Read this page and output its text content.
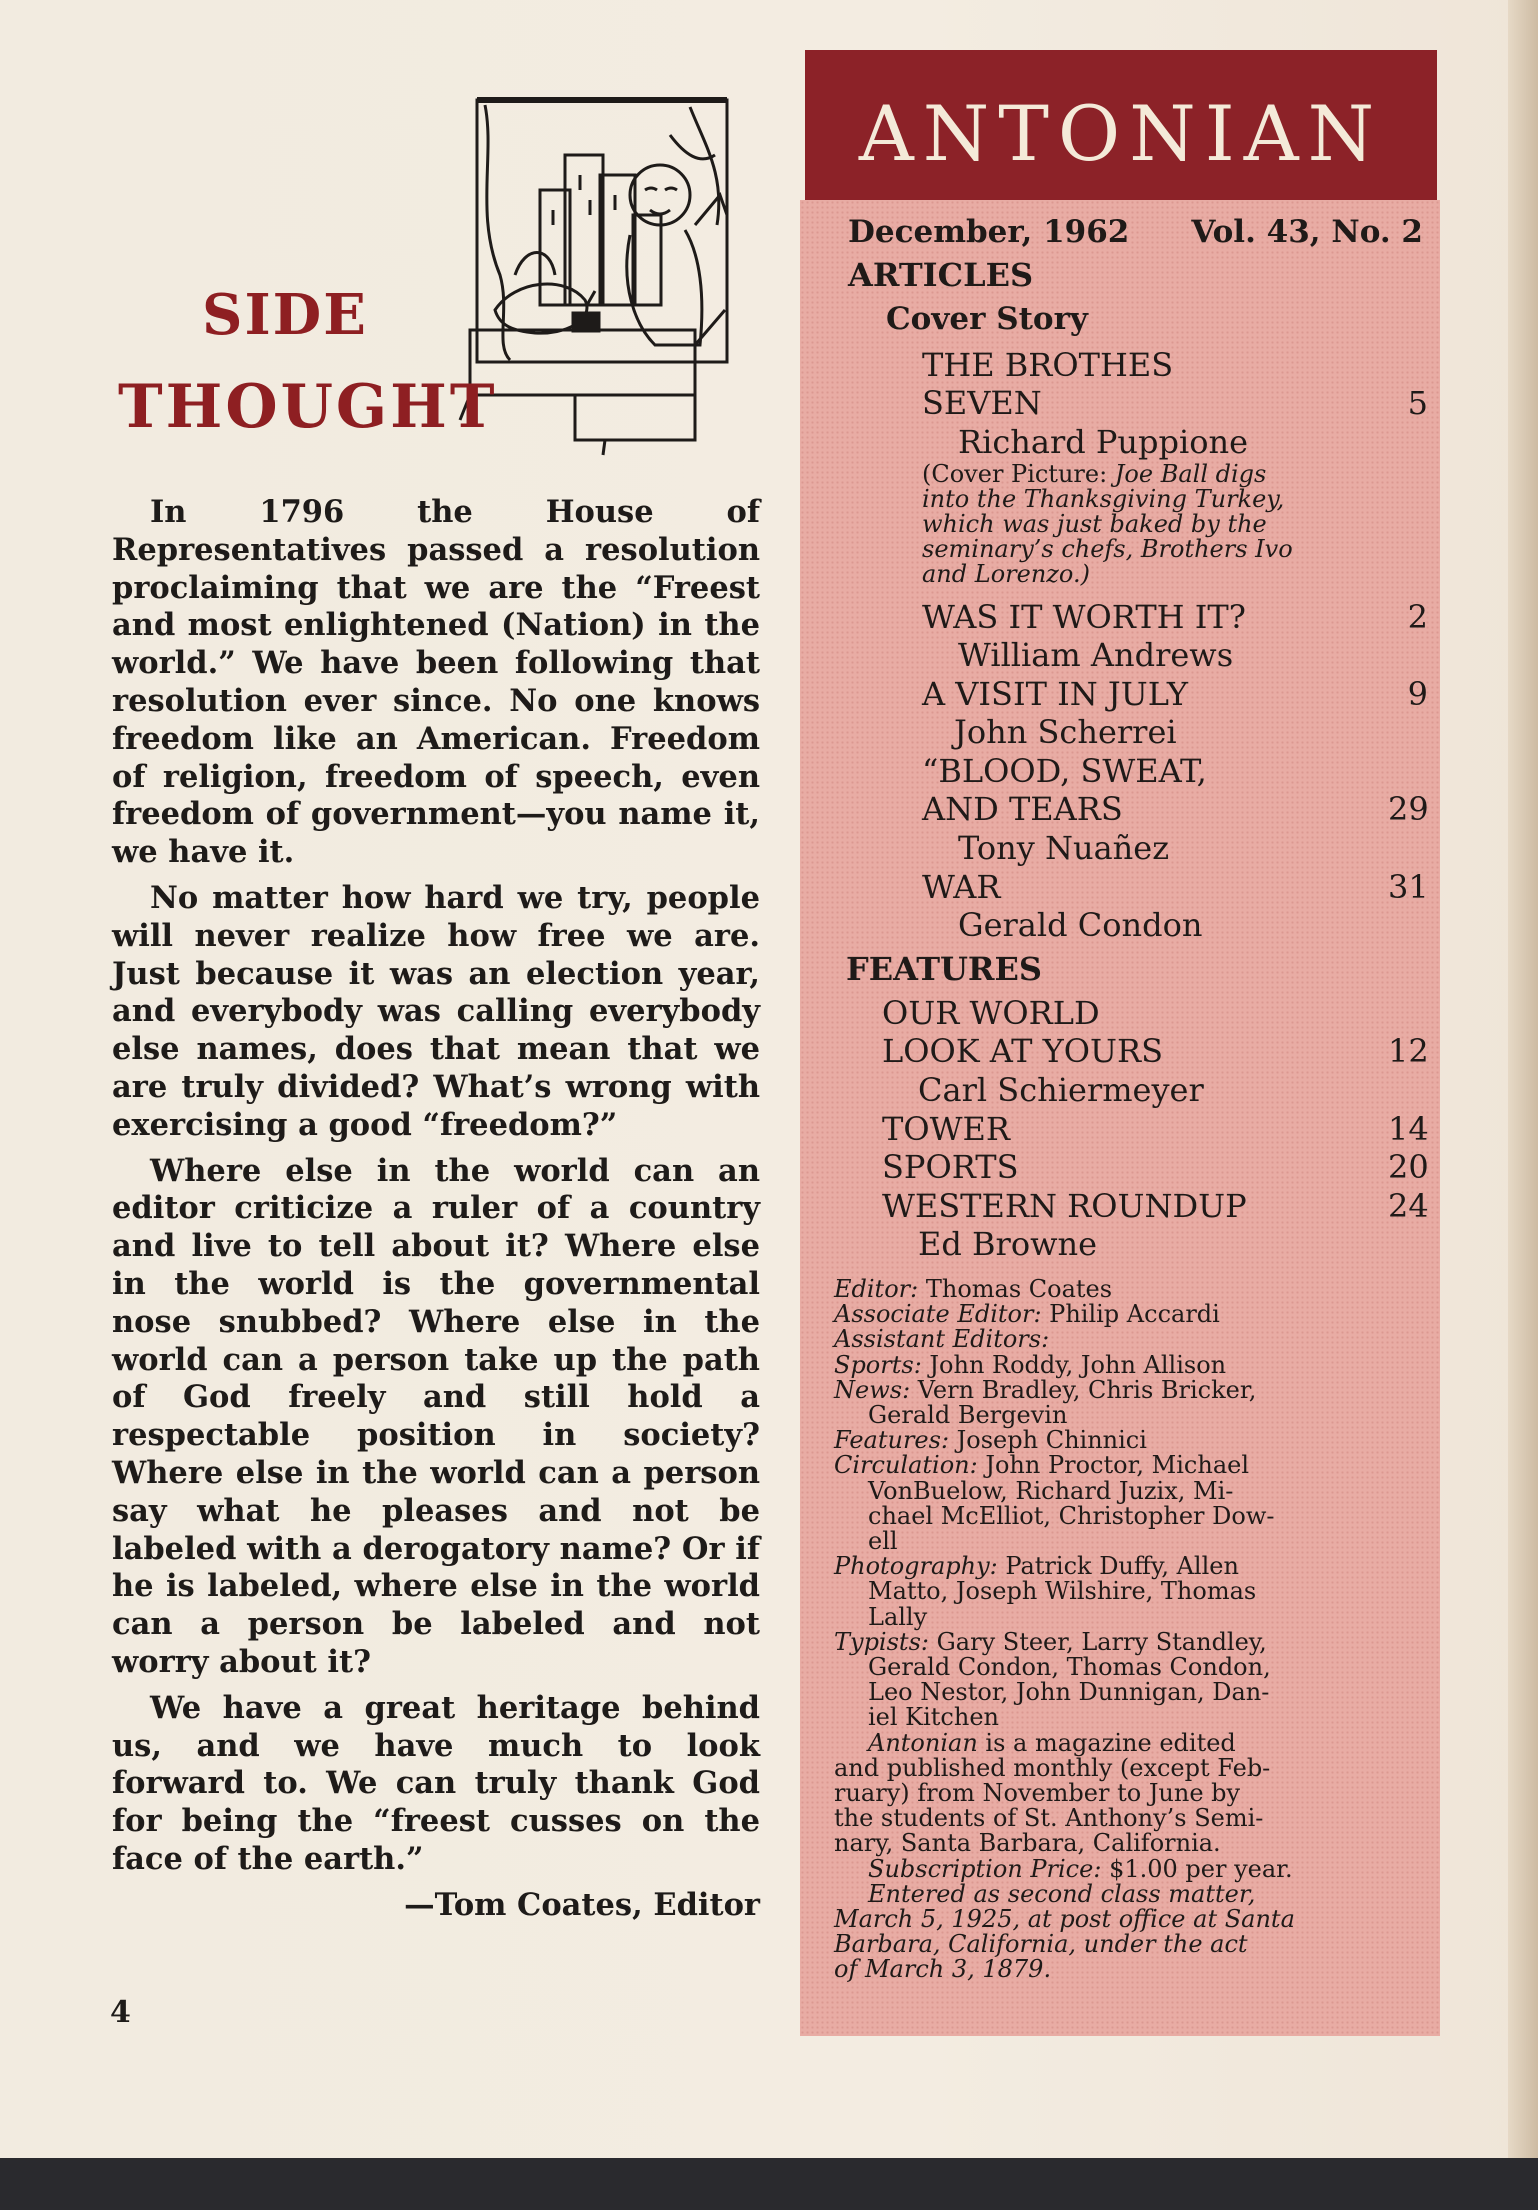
SIDE
THOUGHT

In 1796 the House of Representatives passed a resolution proclaiming that we are the “Freest and most enlightened (Nation) in the world.” We have been following that resolution ever since. No one knows freedom like an American. Freedom of religion, freedom of speech, even freedom of government—you name it, we have it.

No matter how hard we try, people will never realize how free we are. Just because it was an election year, and everybody was calling everybody else names, does that mean that we are truly divided? What’s wrong with exercising a good “freedom?”

Where else in the world can an editor criticize a ruler of a country and live to tell about it? Where else in the world is the governmental nose snubbed? Where else in the world can a person take up the path of God freely and still hold a respectable position in society? Where else in the world can a person say what he pleases and not be labeled with a derogatory name? Or if he is labeled, where else in the world can a person be labeled and not worry about it?

We have a great heritage behind us, and we have much to look forward to. We can truly thank God for being the “freest cusses on the face of the earth.”

—Tom Coates, Editor

4
ANTONIAN
December, 1962 Vol. 43, No. 2
ARTICLES
Cover Story
THE BROTHES
SEVEN	5
Richard Puppione
(Cover Picture: Joe Ball digs
into the Thanksgiving Turkey,
which was just baked by the
seminary’s chefs, Brothers Ivo
and Lorenzo.)
WAS IT WORTH IT?	2
William Andrews
A VISIT IN JULY	9
John Scherrei
“BLOOD, SWEAT,
AND TEARS	29
Tony Nuañez
WAR	31
Gerald Condon
FEATURES
OUR WORLD
LOOK AT YOURS	12
Carl Schiermeyer
TOWER	14
SPORTS	20
WESTERN ROUNDUP	24
Ed Browne
Editor: Thomas Coates
Associate Editor: Philip Accardi
Assistant Editors:
Sports: John Roddy, John Allison
News: Vern Bradley, Chris Bricker,
Gerald Bergevin
Features: Joseph Chinnici
Circulation: John Proctor, Michael
VonBuelow, Richard Juzix, Mi-
chael McElliot, Christopher Dow-
ell
Photography: Patrick Duffy, Allen
Matto, Joseph Wilshire, Thomas
Lally
Typists: Gary Steer, Larry Standley,
Gerald Condon, Thomas Condon,
Leo Nestor, John Dunnigan, Dan-
iel Kitchen
Antonian is a magazine edited
and published monthly (except Feb-
ruary) from November to June by
the students of St. Anthony’s Semi-
nary, Santa Barbara, California.
Subscription Price: $1.00 per year.
Entered as second class matter,
March 5, 1925, at post office at Santa
Barbara, California, under the act
of March 3, 1879.
